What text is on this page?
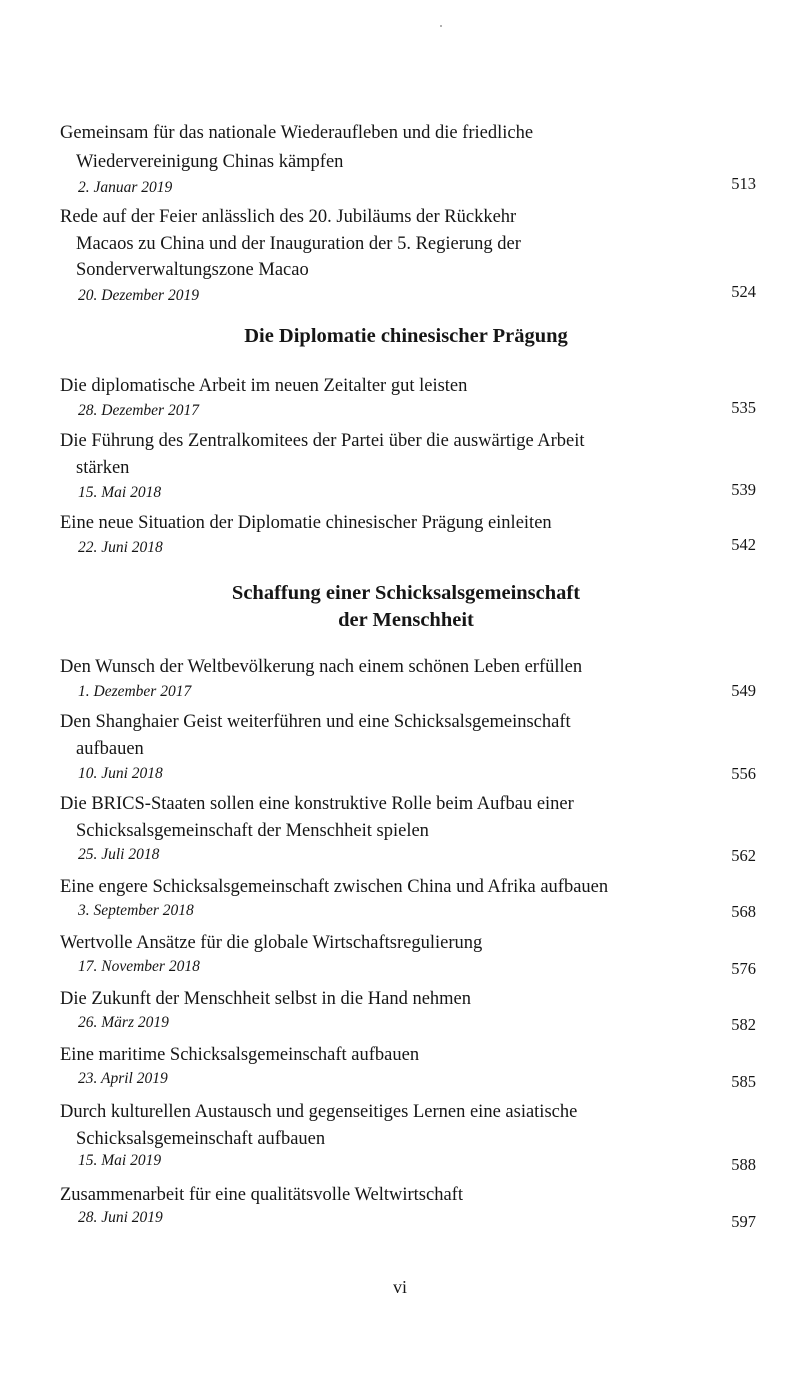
Gemeinsam für das nationale Wiederaufleben und die friedliche
Wiedervereinigung Chinas kämpfen
2. Januar 2019	513
Rede auf der Feier anlässlich des 20. Jubiläums der Rückkehr
Macaos zu China und der Inauguration der 5. Regierung der
Sonderverwaltungszone Macao
20. Dezember 2019	524
Die Diplomatie chinesischer Prägung
Die diplomatische Arbeit im neuen Zeitalter gut leisten
28. Dezember 2017	535
Die Führung des Zentralkomitees der Partei über die auswärtige Arbeit
stärken
15. Mai 2018	539
Eine neue Situation der Diplomatie chinesischer Prägung einleiten
22. Juni 2018	542
Schaffung einer Schicksalsgemeinschaft
der Menschheit
Den Wunsch der Weltbevölkerung nach einem schönen Leben erfüllen
1. Dezember 2017	549
Den Shanghaier Geist weiterführen und eine Schicksalsgemeinschaft
aufbauen
10. Juni 2018	556
Die BRICS-Staaten sollen eine konstruktive Rolle beim Aufbau einer
Schicksalsgemeinschaft der Menschheit spielen
25. Juli 2018	562
Eine engere Schicksalsgemeinschaft zwischen China und Afrika aufbauen
3. September 2018	568
Wertvolle Ansätze für die globale Wirtschaftsregulierung
17. November 2018	576
Die Zukunft der Menschheit selbst in die Hand nehmen
26. März 2019	582
Eine maritime Schicksalsgemeinschaft aufbauen
23. April 2019	585
Durch kulturellen Austausch und gegenseitiges Lernen eine asiatische
Schicksalsgemeinschaft aufbauen
15. Mai 2019	588
Zusammenarbeit für eine qualitätsvolle Weltwirtschaft
28. Juni 2019	597
vi
